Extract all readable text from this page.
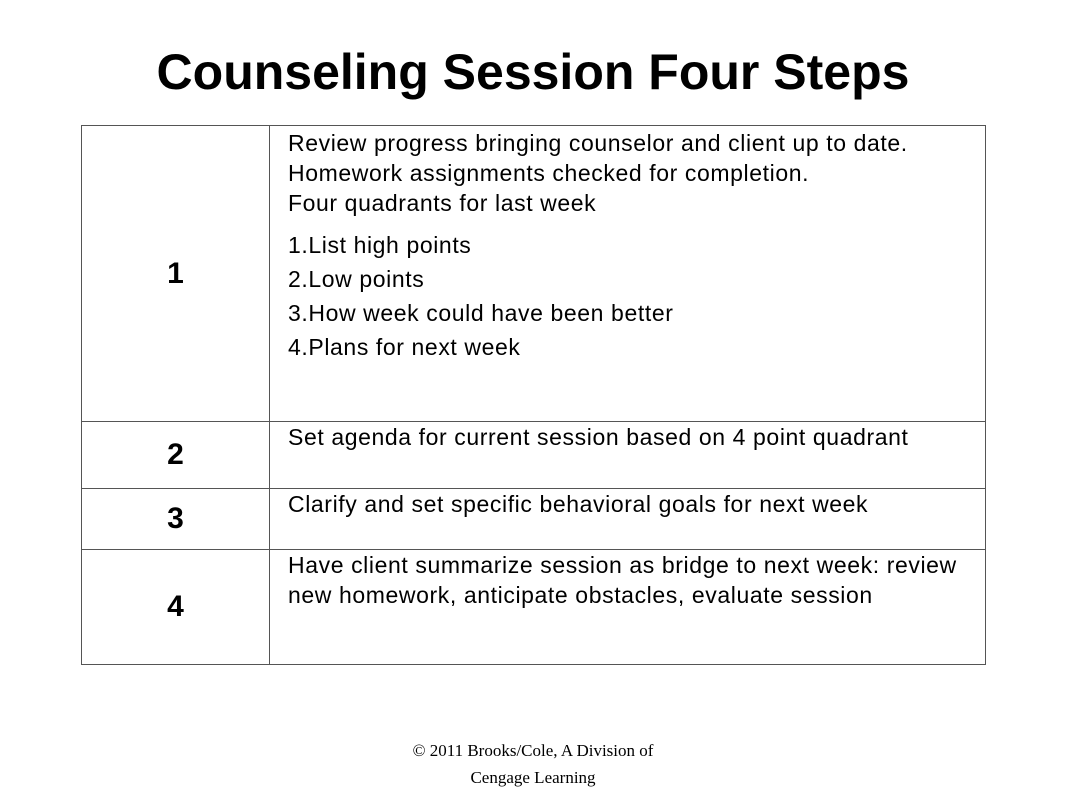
Counseling Session Four Steps
1

Review progress bringing counselor and client up to date. Homework assignments checked for completion.

Four quadrants for last week

1.List high points
2.Low points
3.How week could have been better
4.Plans for next week
2
Set agenda for current session based on 4 point quadrant
3	Clarify and set specific behavioral goals for next week
4
Have client summarize session as bridge to next week: review new homework, anticipate obstacles, evaluate session
© 2011 Brooks/Cole, A Division of
Cengage Learning
